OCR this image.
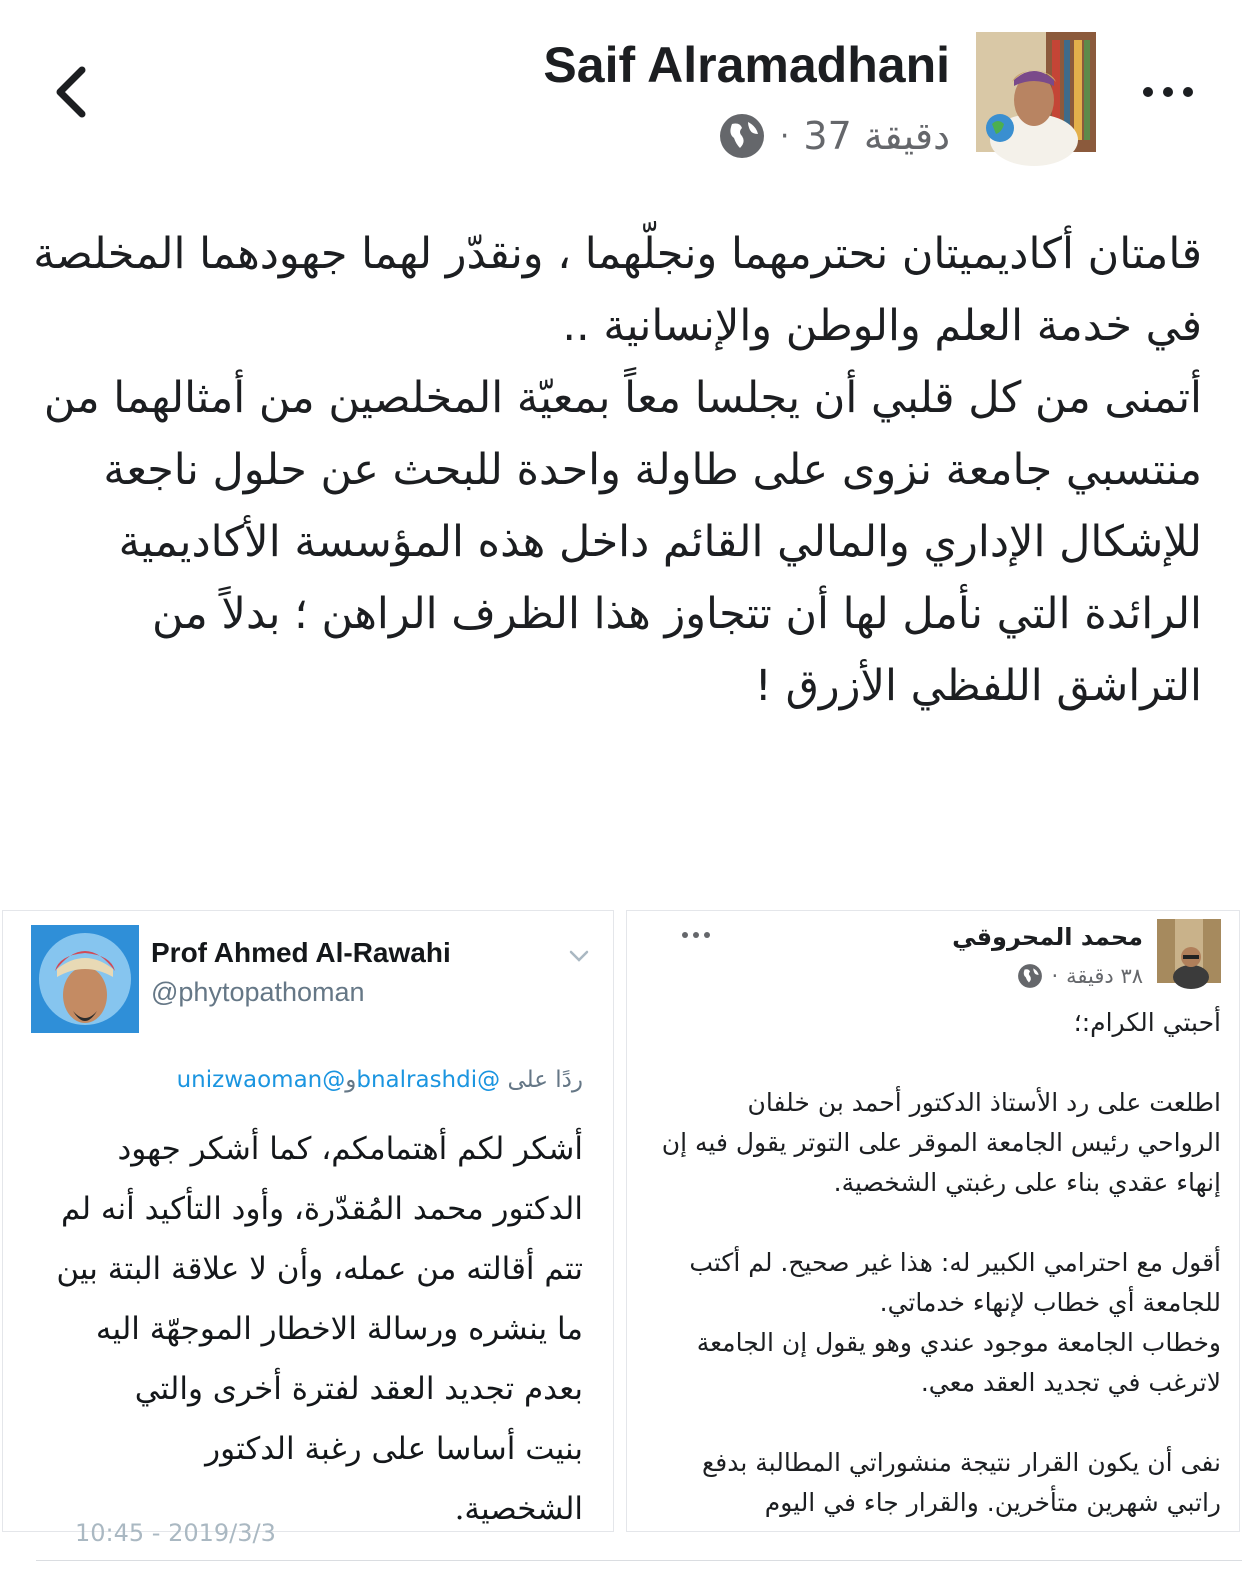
Saif Alramadhani
· 37 دقيقة

قامتان أكاديميتان نحترمهما ونجلّهما ، ونقدّر لهما جهودهما المخلصة في خدمة العلم والوطن والإنسانية ..

أتمنى من كل قلبي أن يجلسا معاً بمعيّة المخلصين من أمثالهما من منتسبي جامعة نزوى على طاولة واحدة للبحث عن حلول ناجعة للإشكال الإداري والمالي القائم داخل هذه المؤسسة الأكاديمية الرائدة التي نأمل لها أن تتجاوز هذا الظرف الراهن ؛ بدلاً من التراشق اللفظي الأزرق !

Prof Ahmed Al-Rawahi
@phytopathoman
ردًا على @bnalrashdiو@unizwaoman
أشكر لكم أهتمامكم، كما أشكر جهود
الدكتور محمد المُقدّرة، وأود التأكيد أنه لم
تتم أقالته من عمله، وأن لا علاقة البتة بين
ما ينشره ورسالة الاخطار الموجهّة اليه
بعدم تجديد العقد لفترة أخرى والتي
بنيت أساسا على رغبة الدكتور
الشخصية.
10:45 - 2019/3/3
محمد المحروقي
· ٣٨ دقيقة
أحبتي الكرام:؛
اطلعت على رد الأستاذ الدكتور أحمد بن خلفان الرواحي رئيس الجامعة الموقر على التوتر يقول فيه إن إنهاء عقدي بناء على رغبتي الشخصية.
أقول مع احترامي الكبير له: هذا غير صحيح. لم أكتب للجامعة أي خطاب لإنهاء خدماتي.
وخطاب الجامعة موجود عندي وهو يقول إن الجامعة لاترغب في تجديد العقد معي.
نفى أن يكون القرار نتيجة منشوراتي المطالبة بدفع راتبي شهرين متأخرين. والقرار جاء في اليوم
